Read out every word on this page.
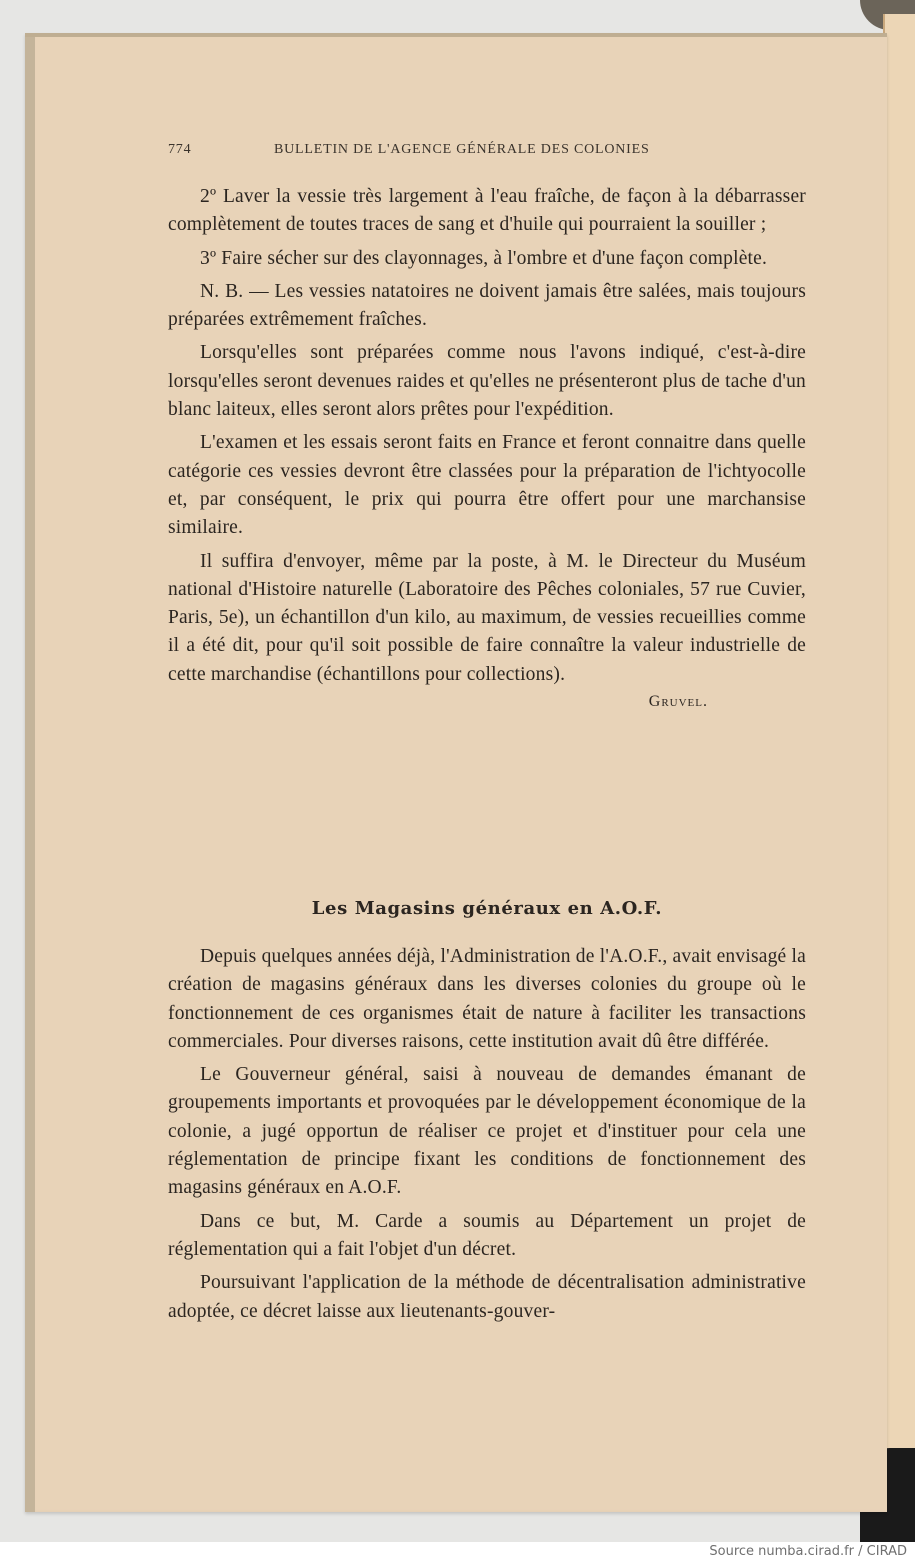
774	BULLETIN DE L'AGENCE GÉNÉRALE DES COLONIES

2º Laver la vessie très largement à l'eau fraîche, de façon à la débarrasser complètement de toutes traces de sang et d'huile qui pourraient la souiller ;

3º Faire sécher sur des clayonnages, à l'ombre et d'une façon complète.

N. B. — Les vessies natatoires ne doivent jamais être salées, mais toujours préparées extrêmement fraîches.

Lorsqu'elles sont préparées comme nous l'avons indiqué, c'est-à-dire lorsqu'elles seront devenues raides et qu'elles ne présenteront plus de tache d'un blanc laiteux, elles seront alors prêtes pour l'expédition.

L'examen et les essais seront faits en France et feront connaitre dans quelle catégorie ces vessies devront être classées pour la préparation de l'ichtyocolle et, par conséquent, le prix qui pourra être offert pour une marchansise similaire.

Il suffira d'envoyer, même par la poste, à M. le Directeur du Muséum national d'Histoire naturelle (Laboratoire des Pêches coloniales, 57 rue Cuvier, Paris, 5e), un échantillon d'un kilo, au maximum, de vessies recueillies comme il a été dit, pour qu'il soit possible de faire connaître la valeur industrielle de cette marchandise (échantillons pour collections).

Gruvel.

Les Magasins généraux en A.O.F.

Depuis quelques années déjà, l'Administration de l'A.O.F., avait envisagé la création de magasins généraux dans les diverses colonies du groupe où le fonctionnement de ces organismes était de nature à faciliter les transactions commerciales. Pour diverses raisons, cette institution avait dû être différée.

Le Gouverneur général, saisi à nouveau de demandes émanant de groupements importants et provoquées par le développement économique de la colonie, a jugé opportun de réaliser ce projet et d'instituer pour cela une réglementation de principe fixant les conditions de fonctionnement des magasins généraux en A.O.F.

Dans ce but, M. Carde a soumis au Département un projet de réglementation qui a fait l'objet d'un décret.

Poursuivant l'application de la méthode de décentralisation administrative adoptée, ce décret laisse aux lieutenants-gouver-

Source numba.cirad.fr / CIRAD
